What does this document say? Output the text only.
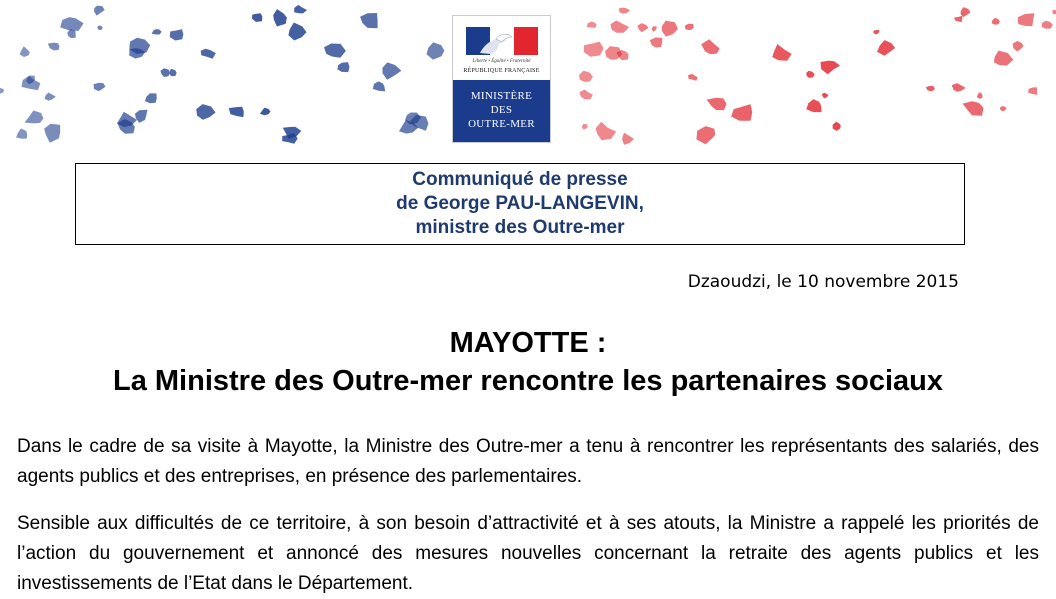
Liberté • Égalité • Fraternité
RÉPUBLIQUE FRANÇAISE
MINISTÈRE
DES
OUTRE-MER
Communiqué de presse
de George PAU-LANGEVIN,
ministre des Outre-mer
Dzaoudzi, le 10 novembre 2015
MAYOTTE :
La Ministre des Outre-mer rencontre les partenaires sociaux

Dans le cadre de sa visite à Mayotte, la Ministre des Outre-mer a tenu à rencontrer les représentants des salariés, des agents publics et des entreprises, en présence des parlementaires.

Sensible aux difficultés de ce territoire, à son besoin d’attractivité et à ses atouts, la Ministre a rappelé les priorités de l’action du gouvernement et annoncé des mesures nouvelles concernant la retraite des agents publics et les investissements de l’Etat dans le Département.
